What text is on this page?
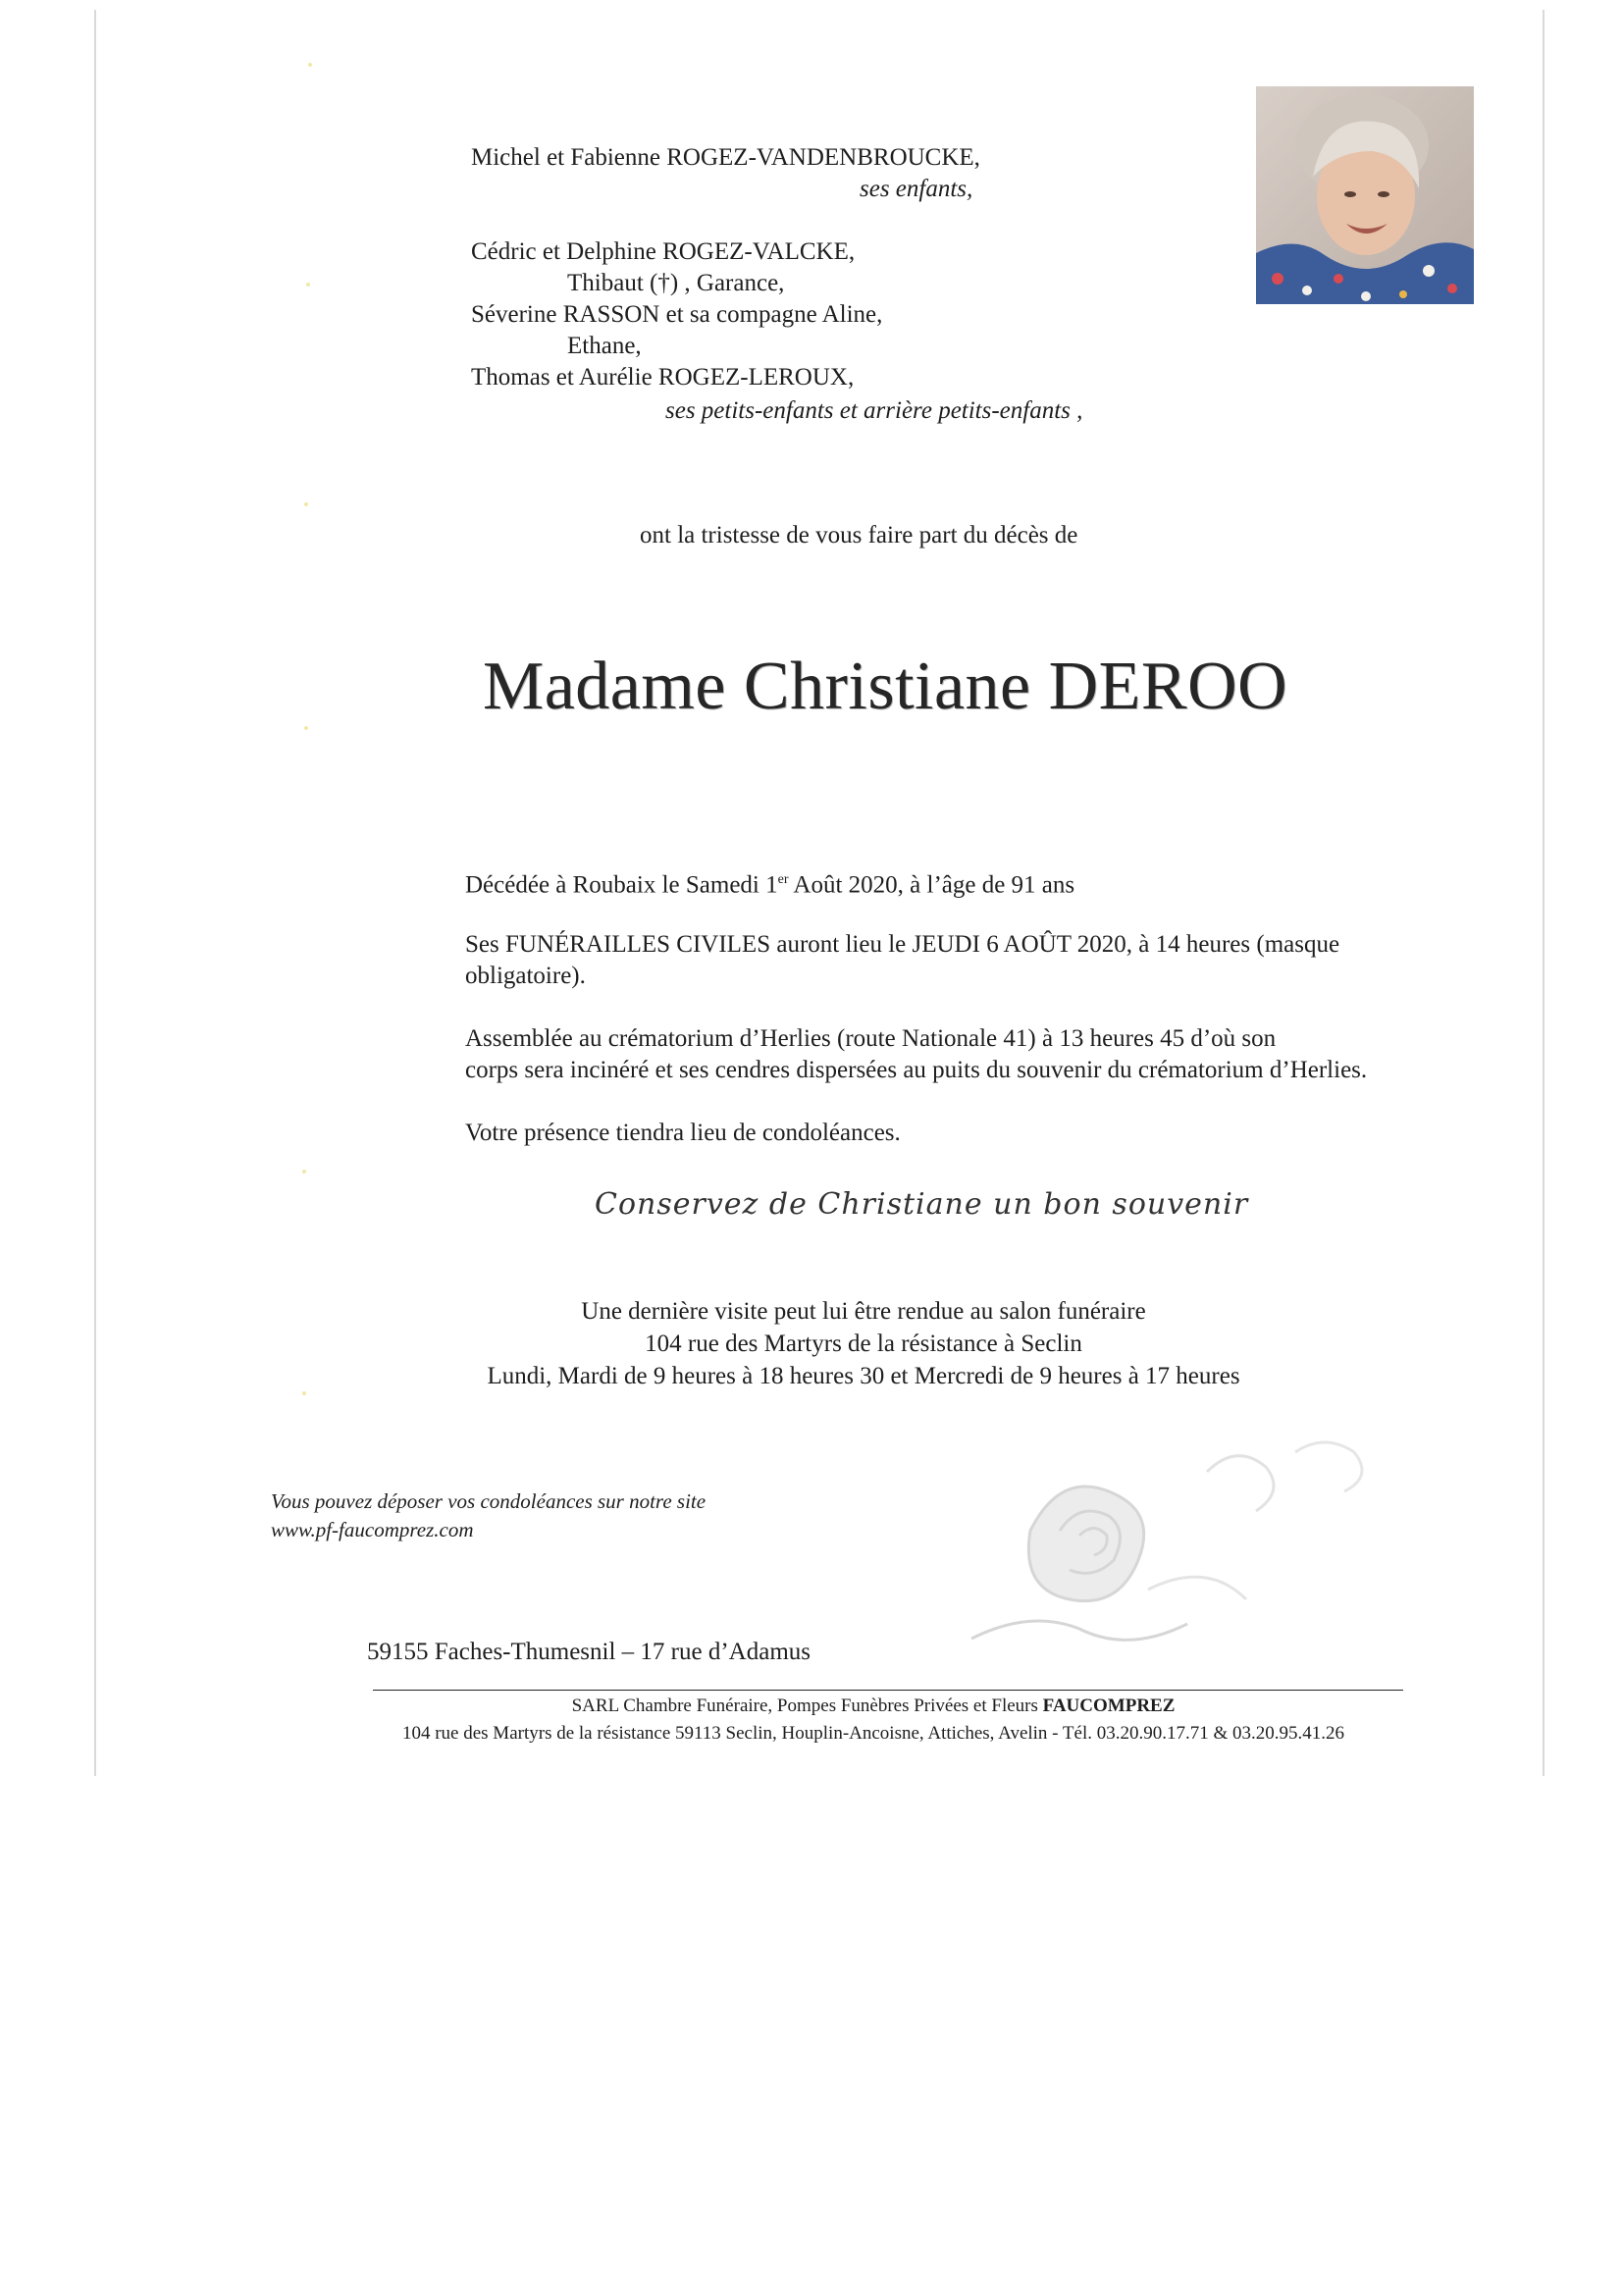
Michel et Fabienne ROGEZ-VANDENBROUCKE,
ses enfants,
Cédric et Delphine ROGEZ-VALCKE,
Thibaut (†) , Garance,
Séverine RASSON et sa compagne Aline,
Ethane,
Thomas et Aurélie ROGEZ-LEROUX,
ses petits-enfants et arrière petits-enfants ,
ont la tristesse de vous faire part du décès de
Madame Christiane DEROO
Décédée à Roubaix le Samedi 1er Août 2020, à l’âge de 91 ans
Ses FUNÉRAILLES CIVILES auront lieu le JEUDI 6 AOÛT 2020, à 14 heures (masque
obligatoire).
Assemblée au crématorium d’Herlies (route Nationale 41) à 13 heures 45 d’où son
corps sera incinéré et ses cendres dispersées au puits du souvenir du crématorium d’Herlies.
Votre présence tiendra lieu de condoléances.
Conservez de Christiane un bon souvenir
Une dernière visite peut lui être rendue au salon funéraire
104 rue des Martyrs de la résistance à Seclin
Lundi, Mardi de 9 heures à 18 heures 30 et Mercredi de 9 heures à 17 heures
Vous pouvez déposer vos condoléances sur notre site
www.pf-faucomprez.com
59155 Faches-Thumesnil – 17 rue d’Adamus
SARL Chambre Funéraire, Pompes Funèbres Privées et Fleurs FAUCOMPREZ
104 rue des Martyrs de la résistance 59113 Seclin, Houplin-Ancoisne, Attiches, Avelin - Tél. 03.20.90.17.71 & 03.20.95.41.26
